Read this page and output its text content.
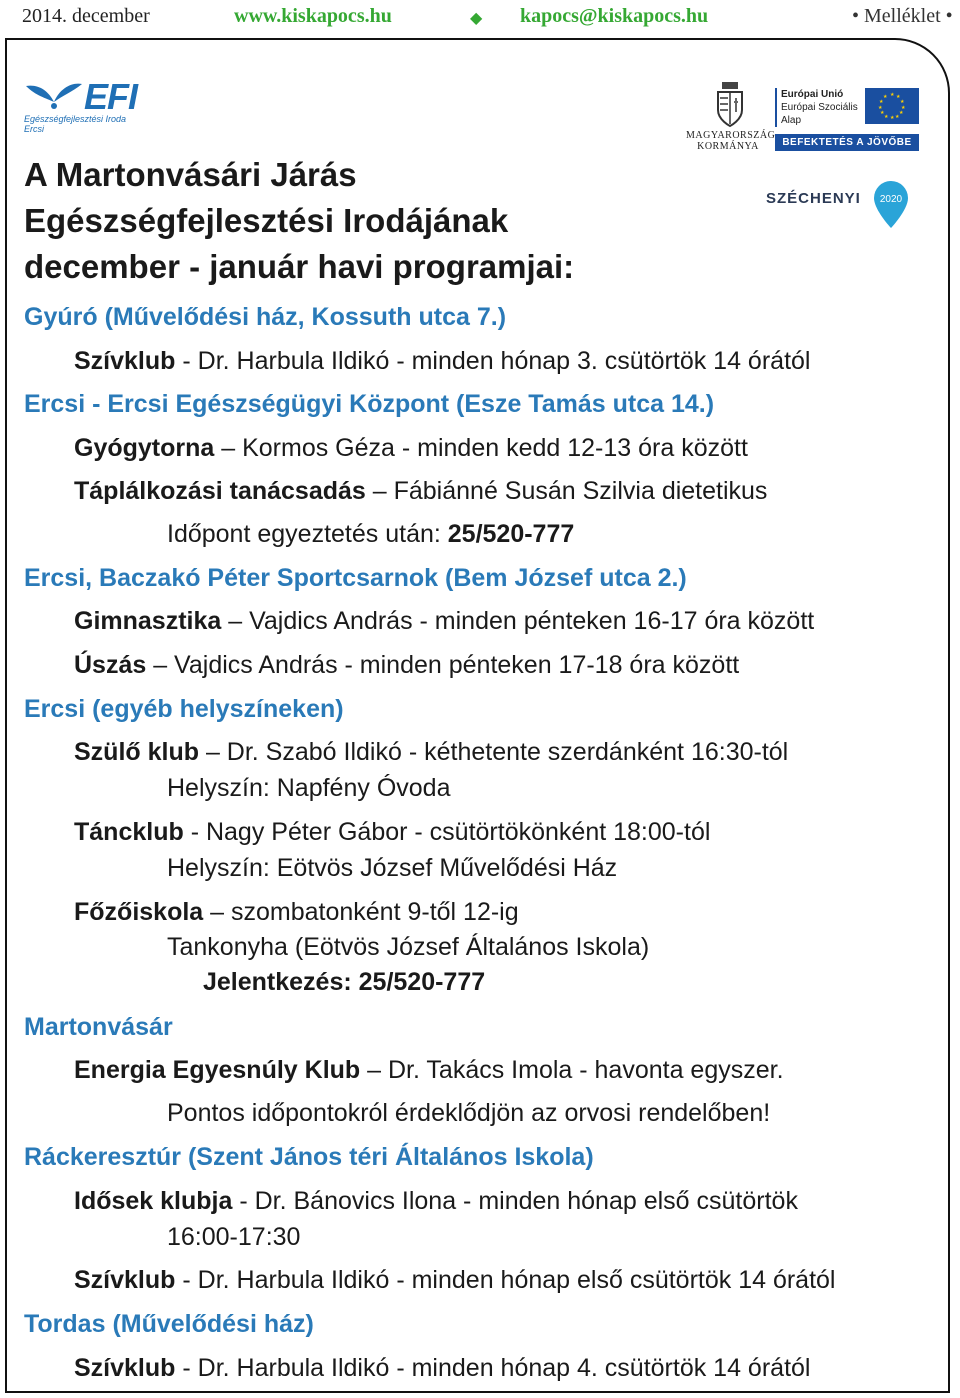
2014. december	www.kiskapocs.hu	◆ kapocs@kiskapocs.hu	• Melléklet •
EFI
Egészségfejlesztési Iroda
Ercsi
MAGYARORSZÁG
KORMÁNYA
Európai Unió
Európai Szociális
Alap
★ ★
★
★
★
★
★
★
★
★
★
★
BEFEKTETÉS A JÖVŐBE
SZÉCHENYI 2020
A Martonvásári Járás
Egészségfejlesztési Irodájának
december - január havi programjai:
Gyúró (Művelődési ház, Kossuth utca 7.)
Szívklub - Dr. Harbula Ildikó - minden hónap 3. csütörtök 14 órától
Ercsi - Ercsi Egészségügyi Központ (Esze Tamás utca 14.)
Gyógytorna – Kormos Géza - minden kedd 12-13 óra között
Táplálkozási tanácsadás – Fábiánné Susán Szilvia dietetikus
Időpont egyeztetés után: 25/520-777
Ercsi, Baczakó Péter Sportcsarnok (Bem József utca 2.)
Gimnasztika – Vajdics András - minden pénteken 16-17 óra között
Úszás – Vajdics András - minden pénteken 17-18 óra között
Ercsi (egyéb helyszíneken)
Szülő klub – Dr. Szabó Ildikó - kéthetente szerdánként 16:30-tól
Helyszín: Napfény Óvoda
Táncklub - Nagy Péter Gábor - csütörtökönként 18:00-tól
Helyszín: Eötvös József Művelődési Ház
Főzőiskola – szombatonként 9-től 12-ig
Tankonyha (Eötvös József Általános Iskola)
Jelentkezés: 25/520-777
Martonvásár
Energia Egyesnúly Klub – Dr. Takács Imola - havonta egyszer.
Pontos időpontokról érdeklődjön az orvosi rendelőben!
Ráckeresztúr (Szent János téri Általános Iskola)
Idősek klubja - Dr. Bánovics Ilona - minden hónap első csütörtök
16:00-17:30
Szívklub - Dr. Harbula Ildikó - minden hónap első csütörtök 14 órától
Tordas (Művelődési ház)
Szívklub - Dr. Harbula Ildikó - minden hónap 4. csütörtök 14 órától
